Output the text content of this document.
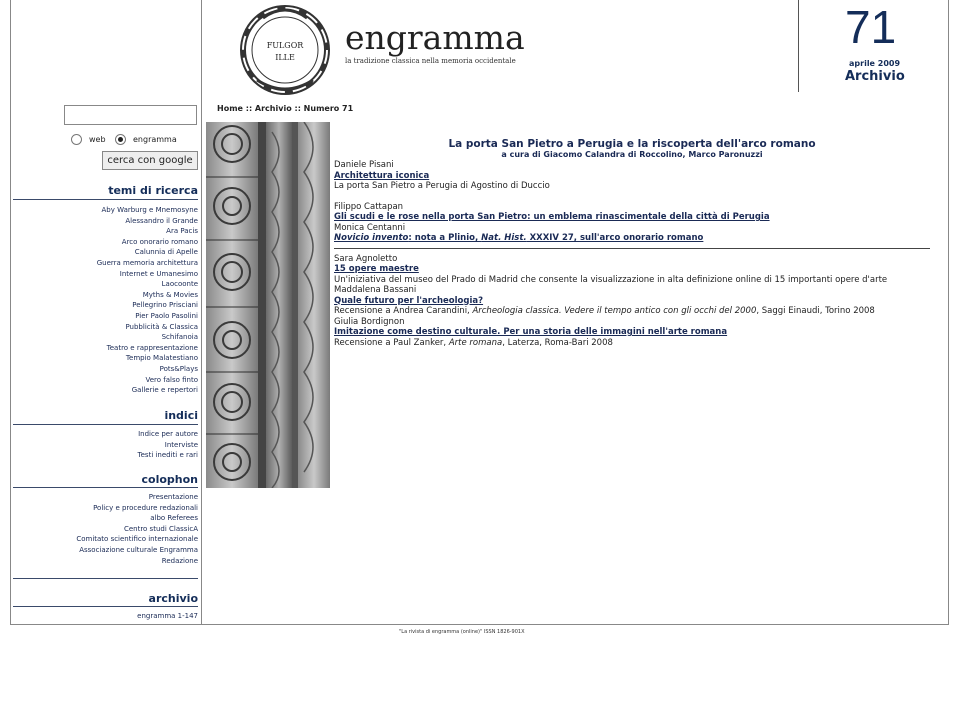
FULGOR ILLE
engramma
la tradizione classica nella memoria occidentale
71
aprile 2009
Archivio
web	engramma
cerca con google
temi di ricerca
Aby Warburg e Mnemosyne
Alessandro il Grande
Ara Pacis
Arco onorario romano
Calunnia di Apelle
Guerra memoria architettura
Internet e Umanesimo
Laocoonte
Myths & Movies
Pellegrino Prisciani
Pier Paolo Pasolini
Pubblicità & Classica
Schifanoia
Teatro e rappresentazione
Tempio Malatestiano
Pots&Plays
Vero falso finto
Gallerie e repertori
indici
Indice per autore
Interviste
Testi inediti e rari
colophon
Presentazione
Policy e procedure redazionali
albo Referees
Centro studi ClassicA
Comitato scientifico internazionale
Associazione culturale Engramma
Redazione
archivio
engramma 1-147
Home :: Archivio :: Numero 71
La porta San Pietro a Perugia e la riscoperta dell'arco romano
a cura di Giacomo Calandra di Roccolino, Marco Paronuzzi
Daniele Pisani
Architettura iconica
La porta San Pietro a Perugia di Agostino di Duccio
Filippo Cattapan
Gli scudi e le rose nella porta San Pietro: un emblema rinascimentale della città di Perugia
Monica Centanni
Novicio invento: nota a Plinio, Nat. Hist. XXXIV 27, sull'arco onorario romano
Sara Agnoletto
15 opere maestre
Un'iniziativa del museo del Prado di Madrid che consente la visualizzazione in alta definizione online di 15 importanti opere d'arte
Maddalena Bassani
Quale futuro per l'archeologia?
Recensione a Andrea Carandini, Archeologia classica. Vedere il tempo antico con gli occhi del 2000, Saggi Einaudi, Torino 2008
Giulia Bordignon
Imitazione come destino culturale. Per una storia delle immagini nell'arte romana
Recensione a Paul Zanker, Arte romana, Laterza, Roma-Bari 2008
"La rivista di engramma (online)" ISSN 1826-901X
